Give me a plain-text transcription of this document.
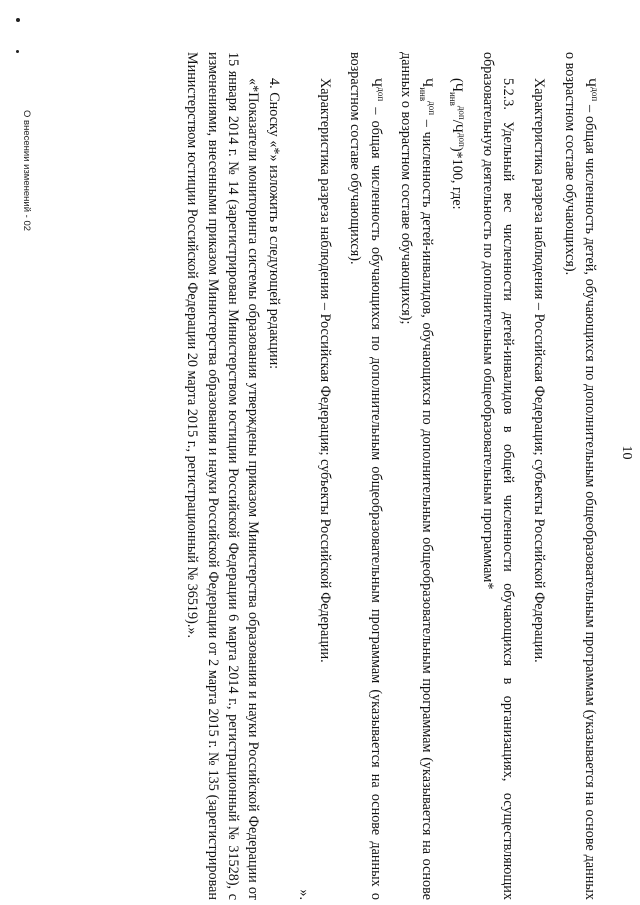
10

$Ч^{доп}$ – общая численность детей, обучающихся по дополнительным общеобразовательным программам (указывается на основе данных о возрастном составе обучающихся).

Характеристика разреза наблюдения – Российская Федерация; субъекты Российской Федерации.

5.2.3. Удельный вес численности детей-инвалидов в общей численности обучающихся в организациях, осуществляющих образовательную деятельность по дополнительным общеобразовательным программам*

$(Ч_{инв}^{доп}/Ч^{доп})*100$, где:

$Ч_{инв}^{доп}$ – численность детей-инвалидов, обучающихся по дополнительным общеобразовательным программам (указывается на основе данных о возрастном составе обучающихся);

$Ч^{доп}$ – общая численность обучающихся по дополнительным общеобразовательным программам (указывается на основе данных о возрастном составе обучающихся).

Характеристика разреза наблюдения – Российская Федерация; субъекты Российской Федерации.

».

4. Сноску «*» изложить в следующей редакции:

«*Показатели мониторинга системы образования утверждены приказом Министерства образования и науки Российской Федерации от 15 января 2014 г. № 14 (зарегистрирован Министерством юстиции Российской Федерации 6 марта 2014 г., регистрационный № 31528), с изменениями, внесенными приказом Министерства образования и науки Российской Федерации от 2 марта 2015 г. № 135 (зарегистрирован Министерством юстиции Российской Федерации 20 марта 2015 г., регистрационный № 36519).».

О внесении изменений - 02
